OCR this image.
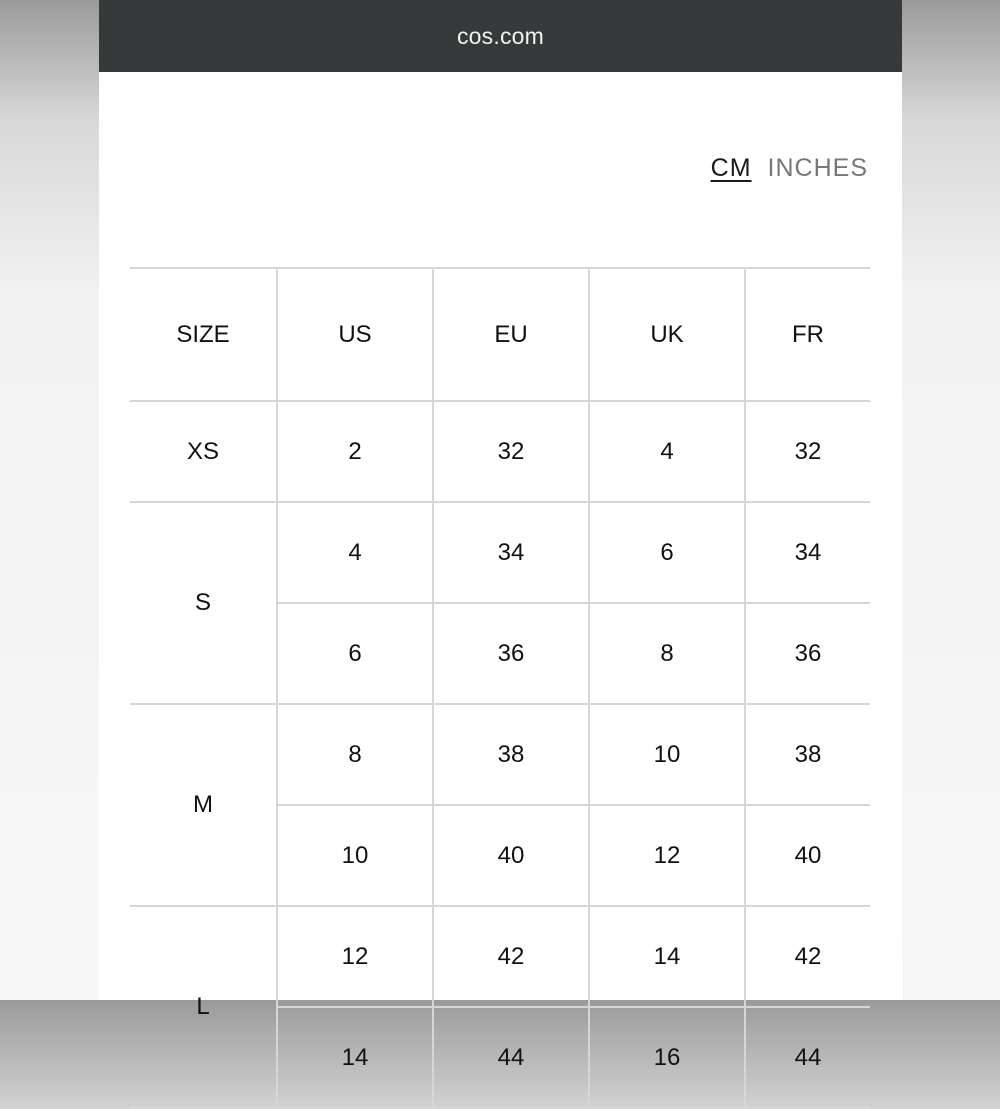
cos.com
CM INCHES
SIZE	US	EU	UK	FR
XS	2	32	4	32
S	4	34	6	34
	6	36	8	36
M	8	38	10	38
	10	40	12	40
L	12	42	14	42
	14	44	16	44
